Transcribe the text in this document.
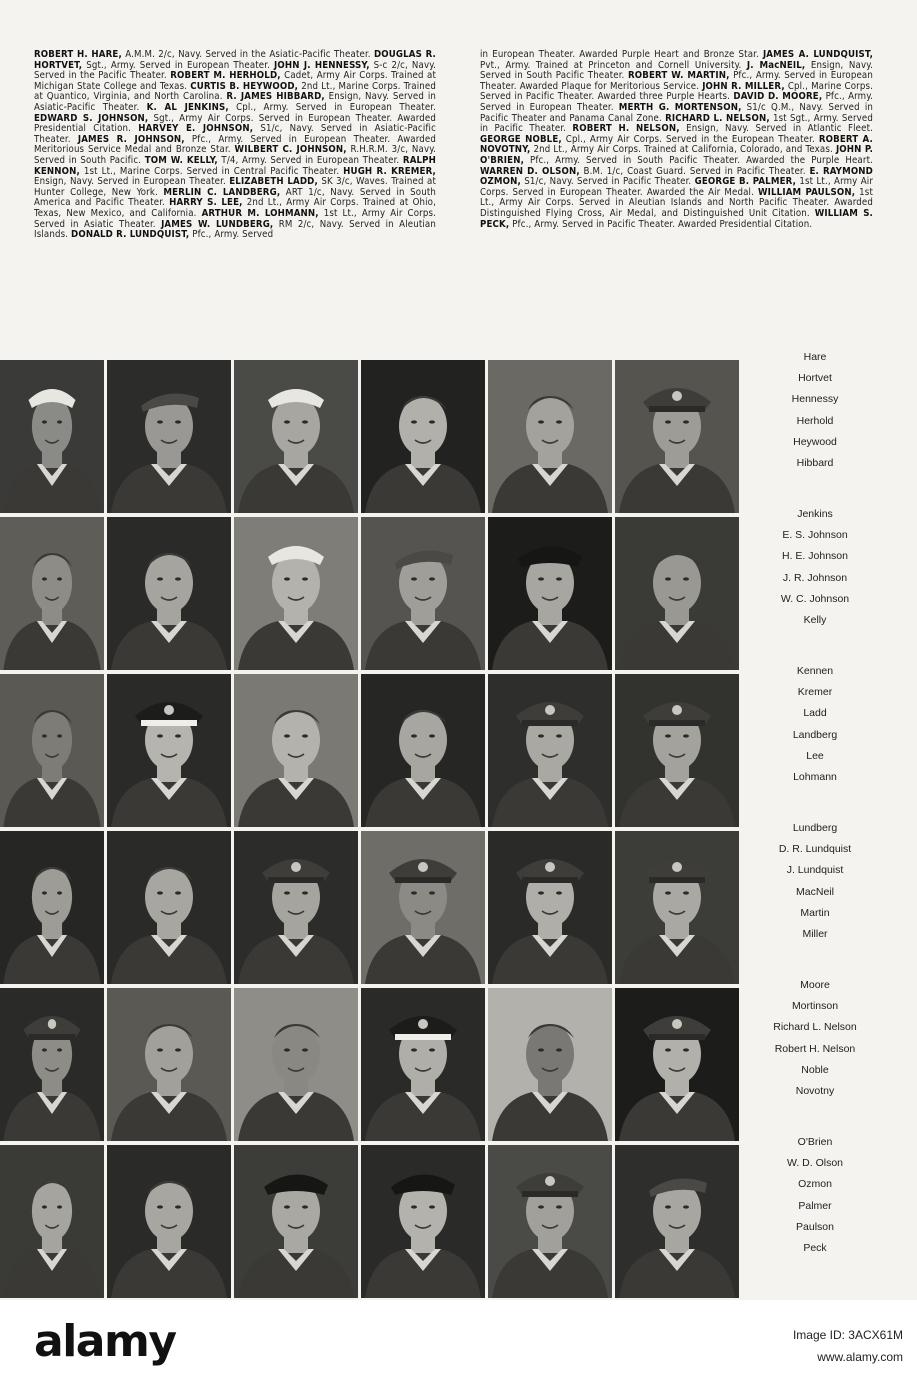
ROBERT H. HARE, A.M.M. 2/c, Navy. Served in the Asiatic-Pacific Theater. DOUGLAS R. HORTVET, Sgt., Army. Served in European Theater. JOHN J. HENNESSY, S-c 2/c, Navy. Served in the Pacific Theater. ROBERT M. HERHOLD, Cadet, Army Air Corps. Trained at Michigan State College and Texas. CURTIS B. HEYWOOD, 2nd Lt., Marine Corps. Trained at Quantico, Virginia, and North Carolina. R. JAMES HIBBARD, Ensign, Navy. Served in Asiatic-Pacific Theater. K. AL JENKINS, Cpl., Army. Served in European Theater. EDWARD S. JOHNSON, Sgt., Army Air Corps. Served in European Theater. Awarded Presidential Citation. HARVEY E. JOHNSON, S1/c, Navy. Served in Asiatic-Pacific Theater. JAMES R. JOHNSON, Pfc., Army. Served in European Theater. Awarded Meritorious Service Medal and Bronze Star. WILBERT C. JOHNSON, R.H.R.M. 3/c, Navy. Served in South Pacific. TOM W. KELLY, T/4, Army. Served in European Theater. RALPH KENNON, 1st Lt., Marine Corps. Served in Central Pacific Theater. HUGH R. KREMER, Ensign, Navy. Served in European Theater. ELIZABETH LADD, SK 3/c, Waves. Trained at Hunter College, New York. MERLIN C. LANDBERG, ART 1/c, Navy. Served in South America and Pacific Theater. HARRY S. LEE, 2nd Lt., Army Air Corps. Trained at Ohio, Texas, New Mexico, and California. ARTHUR M. LOHMANN, 1st Lt., Army Air Corps. Served in Asiatic Theater. JAMES W. LUNDBERG, RM 2/c, Navy. Served in Aleutian Islands. DONALD R. LUNDQUIST, Pfc., Army. Served
in European Theater. Awarded Purple Heart and Bronze Star. JAMES A. LUNDQUIST, Pvt., Army. Trained at Princeton and Cornell University. J. MacNEIL, Ensign, Navy. Served in South Pacific Theater. ROBERT W. MARTIN, Pfc., Army. Served in European Theater. Awarded Plaque for Meritorious Service. JOHN R. MILLER, Cpl., Marine Corps. Served in Pacific Theater. Awarded three Purple Hearts. DAVID D. MOORE, Pfc., Army. Served in European Theater. MERTH G. MORTENSON, S1/c Q.M., Navy. Served in Pacific Theater and Panama Canal Zone. RICHARD L. NELSON, 1st Sgt., Army. Served in Pacific Theater. ROBERT H. NELSON, Ensign, Navy. Served in Atlantic Fleet. GEORGE NOBLE, Cpl., Army Air Corps. Served in the European Theater. ROBERT A. NOVOTNY, 2nd Lt., Army Air Corps. Trained at California, Colorado, and Texas. JOHN P. O'BRIEN, Pfc., Army. Served in South Pacific Theater. Awarded the Purple Heart. WARREN D. OLSON, B.M. 1/c, Coast Guard. Served in Pacific Theater. E. RAYMOND OZMON, S1/c, Navy. Served in Pacific Theater. GEORGE B. PALMER, 1st Lt., Army Air Corps. Served in European Theater. Awarded the Air Medal. WILLIAM PAULSON, 1st Lt., Army Air Corps. Served in Aleutian Islands and North Pacific Theater. Awarded Distinguished Flying Cross, Air Medal, and Distinguished Unit Citation. WILLIAM S. PECK, Pfc., Army. Served in Pacific Theater. Awarded Presidential Citation.
Hare
Hortvet
Hennessy
Herhold
Heywood
Hibbard
Jenkins
E. S. Johnson
H. E. Johnson
J. R. Johnson
W. C. Johnson
Kelly
Kennen
Kremer
Ladd
Landberg
Lee
Lohmann
Lundberg
D. R. Lundquist
J. Lundquist
MacNeil
Martin
Miller
Moore
Mortinson
Richard L. Nelson
Robert H. Nelson
Noble
Novotny
O'Brien
W. D. Olson
Ozmon
Palmer
Paulson
Peck
alamy	Image ID: 3ACX61M
www.alamy.com
